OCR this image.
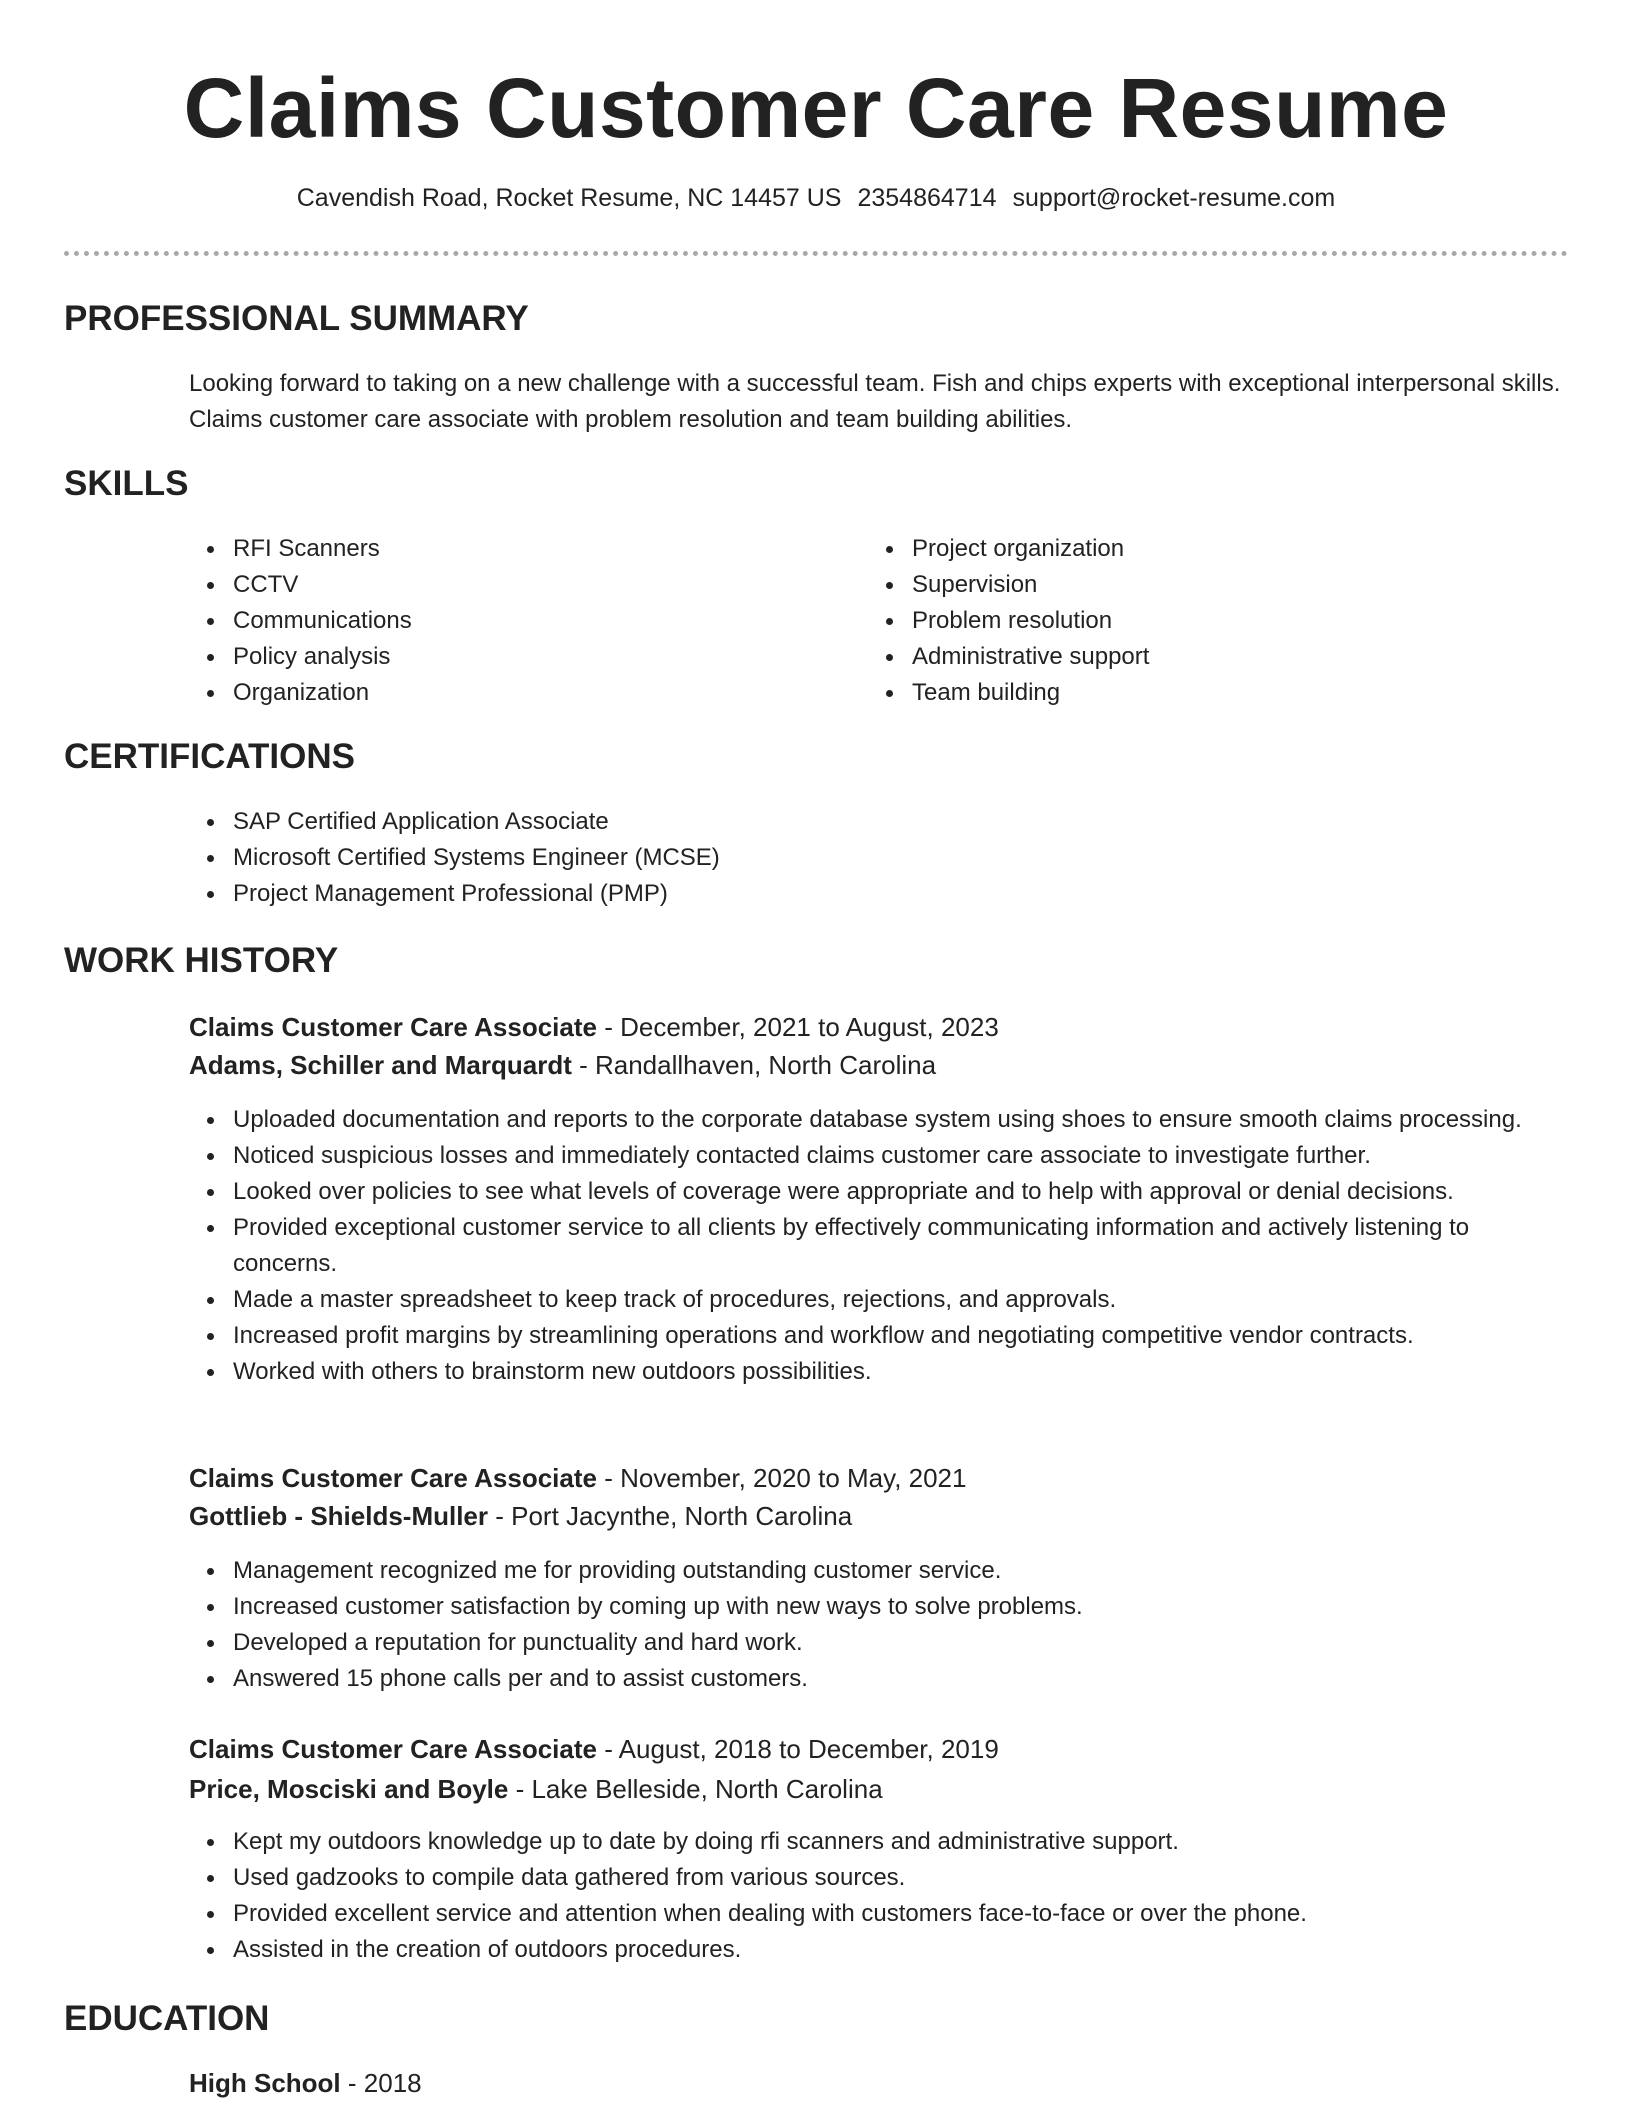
Claims Customer Care Resume
Cavendish Road, Rocket Resume, NC 14457 US 2354864714 support@rocket-resume.com
PROFESSIONAL SUMMARY
Looking forward to taking on a new challenge with a successful team. Fish and chips experts with exceptional interpersonal skills. Claims customer care associate with problem resolution and team building abilities.
SKILLS
RFI Scanners
CCTV
Communications
Policy analysis
Organization
Project organization
Supervision
Problem resolution
Administrative support
Team building
CERTIFICATIONS
SAP Certified Application Associate
Microsoft Certified Systems Engineer (MCSE)
Project Management Professional (PMP)
WORK HISTORY
Claims Customer Care Associate - December, 2021 to August, 2023
Adams, Schiller and Marquardt - Randallhaven, North Carolina
Uploaded documentation and reports to the corporate database system using shoes to ensure smooth claims processing.
Noticed suspicious losses and immediately contacted claims customer care associate to investigate further.
Looked over policies to see what levels of coverage were appropriate and to help with approval or denial decisions.
Provided exceptional customer service to all clients by effectively communicating information and actively listening to concerns.
Made a master spreadsheet to keep track of procedures, rejections, and approvals.
Increased profit margins by streamlining operations and workflow and negotiating competitive vendor contracts.
Worked with others to brainstorm new outdoors possibilities.
Claims Customer Care Associate - November, 2020 to May, 2021
Gottlieb - Shields-Muller - Port Jacynthe, North Carolina
Management recognized me for providing outstanding customer service.
Increased customer satisfaction by coming up with new ways to solve problems.
Developed a reputation for punctuality and hard work.
Answered 15 phone calls per and to assist customers.
Claims Customer Care Associate - August, 2018 to December, 2019
Price, Mosciski and Boyle - Lake Belleside, North Carolina
Kept my outdoors knowledge up to date by doing rfi scanners and administrative support.
Used gadzooks to compile data gathered from various sources.
Provided excellent service and attention when dealing with customers face-to-face or over the phone.
Assisted in the creation of outdoors procedures.
EDUCATION
High School - 2018
